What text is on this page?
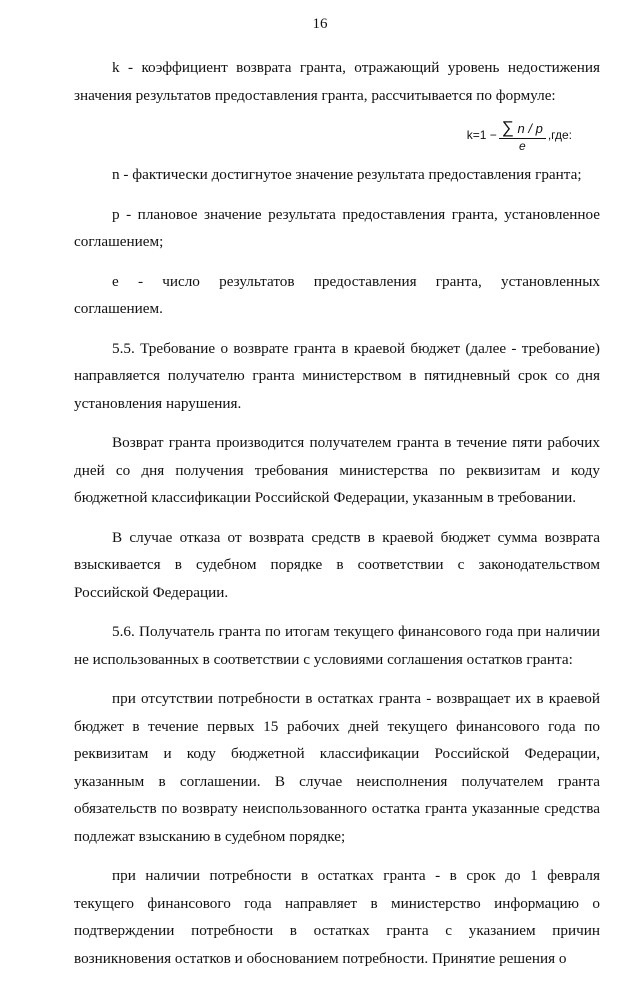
16

k - коэффициент возврата гранта, отражающий уровень недостижения значения результатов предоставления гранта, рассчитывается по формуле:

$k=1 - \frac{\sum n / p}{e} ,где$:

n - фактически достигнутое значение результата предоставления гранта;

р - плановое значение результата предоставления гранта, установленное соглашением;

е - число результатов предоставления гранта, установленных соглашением.

5.5. Требование о возврате гранта в краевой бюджет (далее - требование) направляется получателю гранта министерством в пятидневный срок со дня установления нарушения.

Возврат гранта производится получателем гранта в течение пяти рабочих дней со дня получения требования министерства по реквизитам и коду бюджетной классификации Российской Федерации, указанным в требовании.

В случае отказа от возврата средств в краевой бюджет сумма возврата взыскивается в судебном порядке в соответствии с законодательством Российской Федерации.

5.6. Получатель гранта по итогам текущего финансового года при наличии не использованных в соответствии с условиями соглашения остатков гранта:

при отсутствии потребности в остатках гранта - возвращает их в краевой бюджет в течение первых 15 рабочих дней текущего финансового года по реквизитам и коду бюджетной классификации Российской Федерации, указанным в соглашении. В случае неисполнения получателем гранта обязательств по возврату неиспользованного остатка гранта указанные средства подлежат взысканию в судебном порядке;

при наличии потребности в остатках гранта - в срок до 1 февраля текущего финансового года направляет в министерство информацию о подтверждении потребности в остатках гранта с указанием причин возникновения остатков и обоснованием потребности. Принятие решения о
